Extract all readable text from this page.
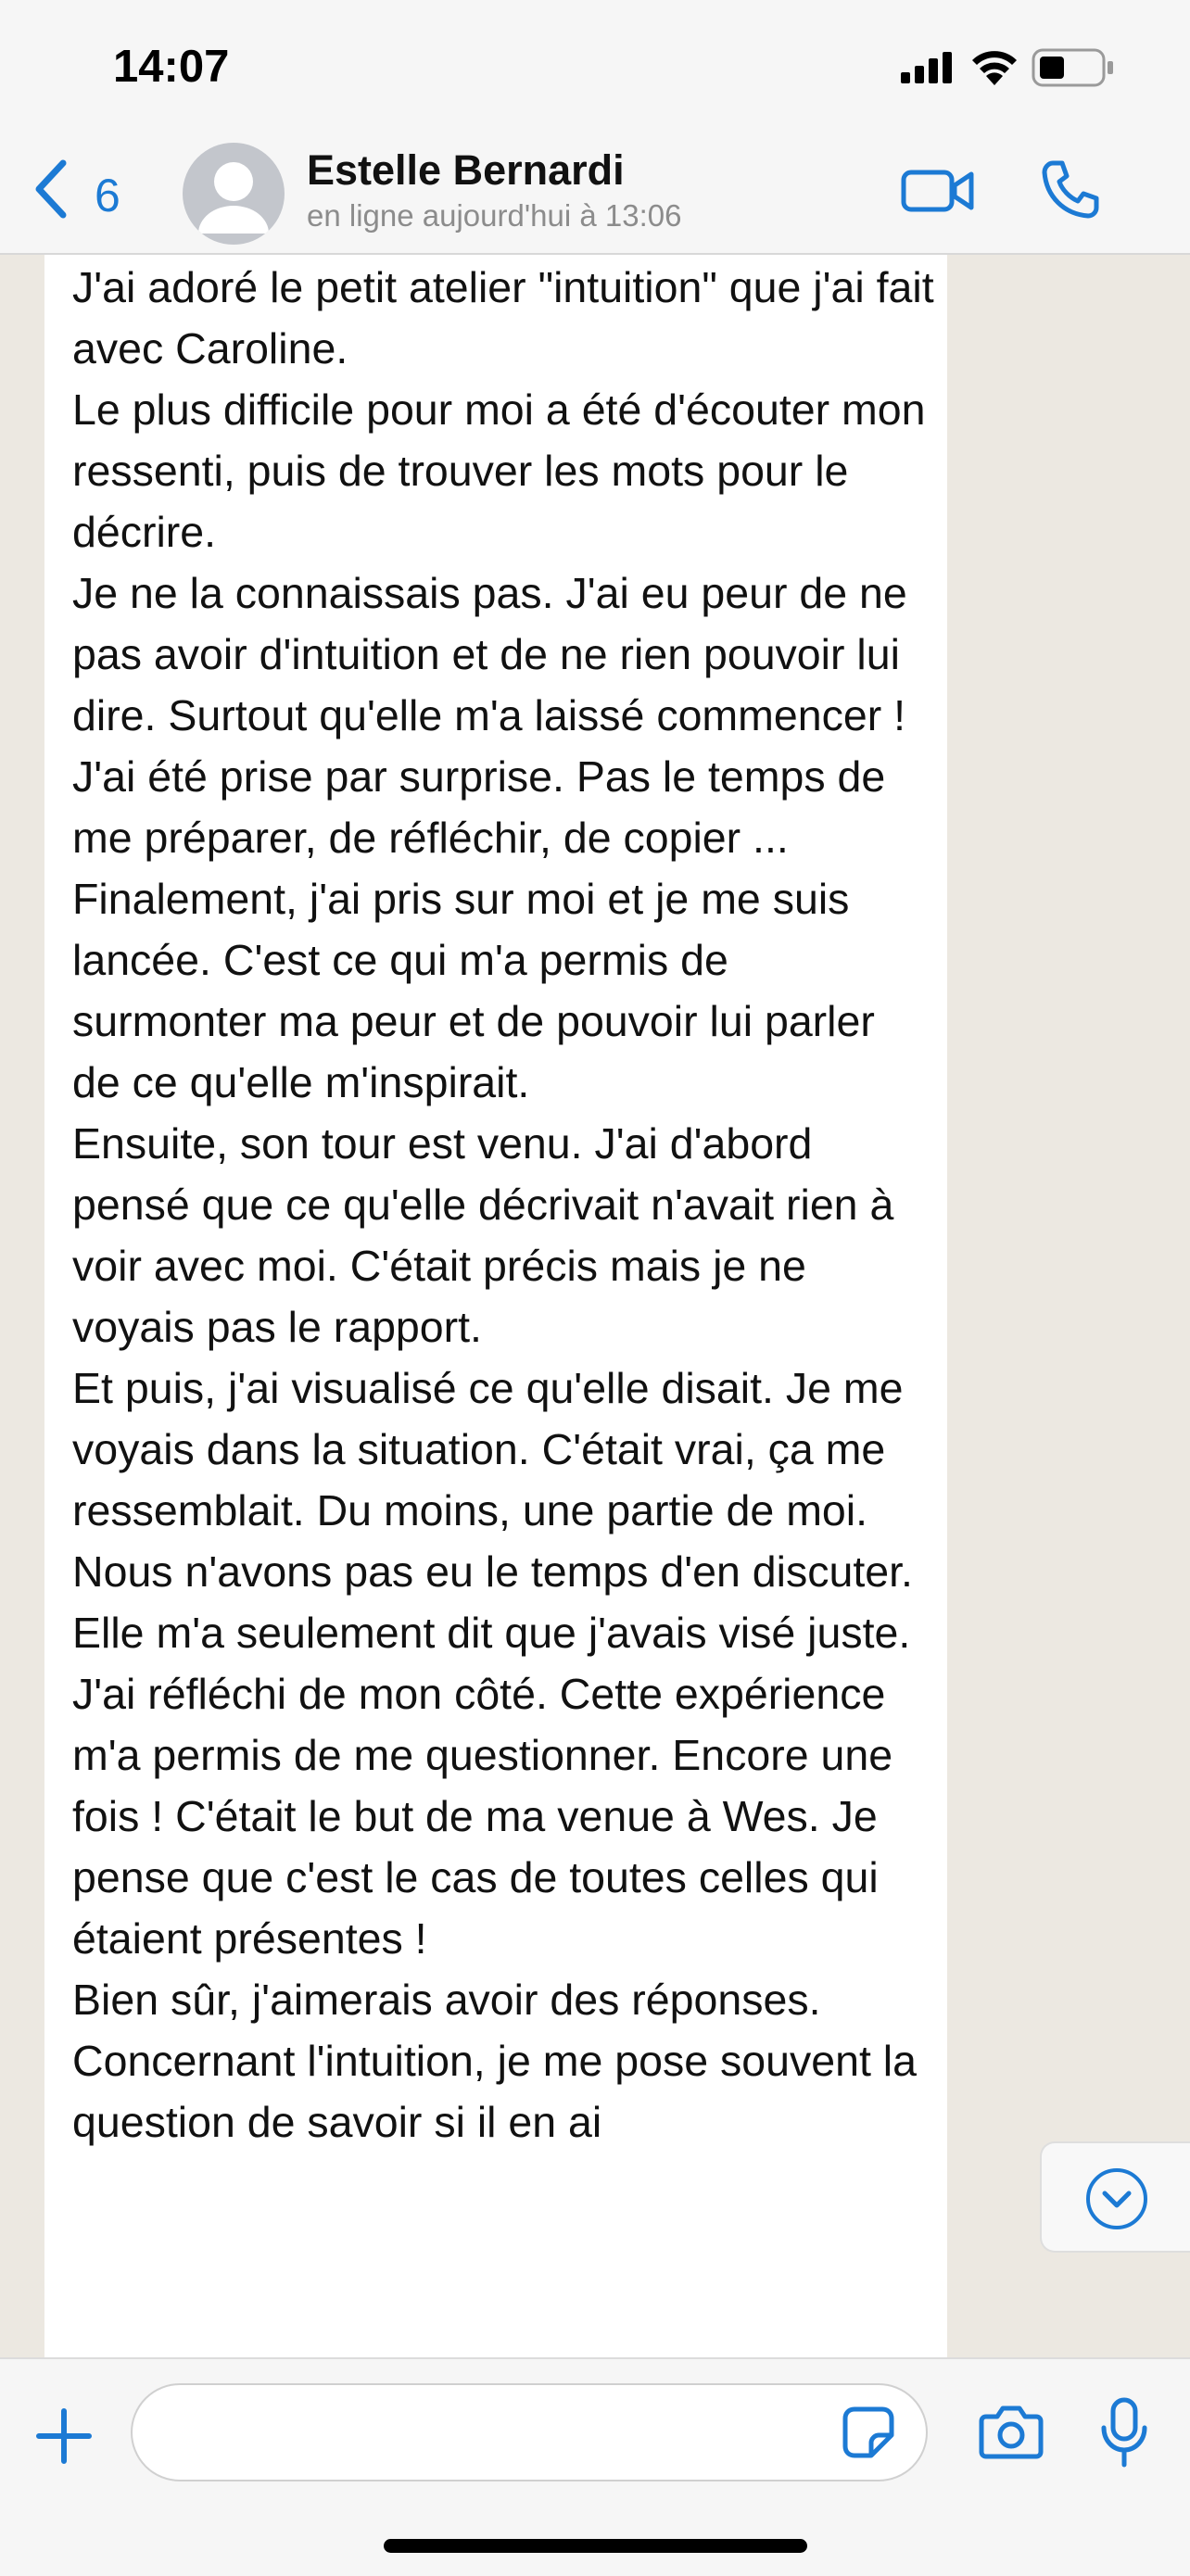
14:07
6	Estelle Bernardi
en ligne aujourd'hui à 13:06

J'ai adoré le petit atelier "intuition" que j'ai fait avec Caroline.
Le plus difficile pour moi a été d'écouter mon ressenti, puis de trouver les mots pour le décrire.
Je ne la connaissais pas. J'ai eu peur de ne pas avoir d'intuition et de ne rien pouvoir lui dire. Surtout qu'elle m'a laissé commencer ! J'ai été prise par surprise. Pas le temps de me préparer, de réfléchir, de copier ... Finalement, j'ai pris sur moi et je me suis lancée. C'est ce qui m'a permis de surmonter ma peur et de pouvoir lui parler de ce qu'elle m'inspirait.
Ensuite, son tour est venu. J'ai d'abord pensé que ce qu'elle décrivait n'avait rien à voir avec moi. C'était précis mais je ne voyais pas le rapport.
Et puis, j'ai visualisé ce qu'elle disait. Je me voyais dans la situation. C'était vrai, ça me ressemblait. Du moins, une partie de moi.
Nous n'avons pas eu le temps d'en discuter. Elle m'a seulement dit que j'avais visé juste.
J'ai réfléchi de mon côté. Cette expérience m'a permis de me questionner. Encore une fois ! C'était le but de ma venue à Wes. Je pense que c'est le cas de toutes celles qui étaient présentes !
Bien sûr, j'aimerais avoir des réponses. Concernant l'intuition, je me pose souvent la question de savoir si il en ai
